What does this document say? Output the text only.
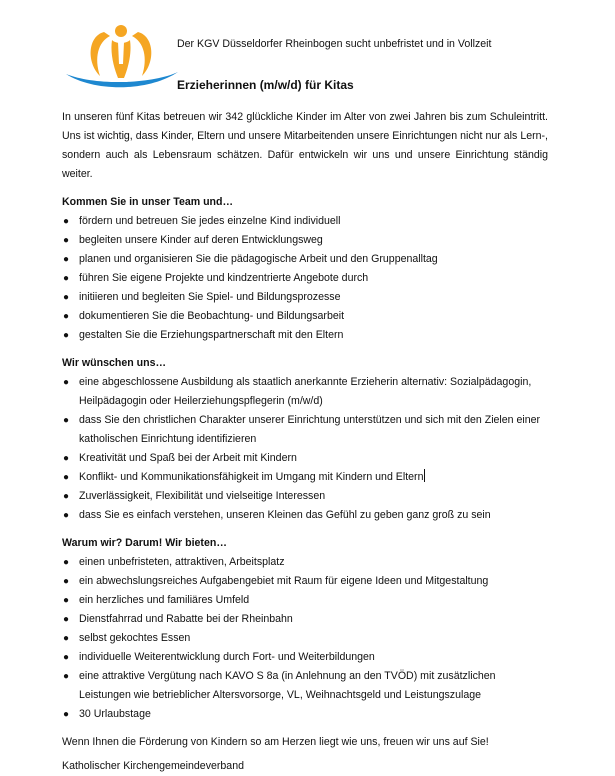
Der KGV Düsseldorfer Rheinbogen sucht unbefristet und in Vollzeit
Erzieherinnen (m/w/d) für Kitas

In unseren fünf Kitas betreuen wir 342 glückliche Kinder im Alter von zwei Jahren bis zum Schuleintritt. Uns ist wichtig, dass Kinder, Eltern und unsere Mitarbeitenden unsere Einrichtungen nicht nur als Lern-, sondern auch als Lebensraum schätzen. Dafür entwickeln wir uns und unsere Einrichtung ständig weiter.

Kommen Sie in unser Team und…
● fördern und betreuen Sie jedes einzelne Kind individuell
● begleiten unsere Kinder auf deren Entwicklungsweg
● planen und organisieren Sie die pädagogische Arbeit und den Gruppenalltag
● führen Sie eigene Projekte und kindzentrierte Angebote durch
● initiieren und begleiten Sie Spiel- und Bildungsprozesse
● dokumentieren Sie die Beobachtung- und Bildungsarbeit
● gestalten Sie die Erziehungspartnerschaft mit den Eltern
Wir wünschen uns…
● eine abgeschlossene Ausbildung als staatlich anerkannte Erzieherin alternativ: Sozialpädagogin, Heilpädagogin oder Heilerziehungspflegerin (m/w/d)
● dass Sie den christlichen Charakter unserer Einrichtung unterstützen und sich mit den Zielen einer katholischen Einrichtung identifizieren
● Kreativität und Spaß bei der Arbeit mit Kindern
● Konflikt- und Kommunikationsfähigkeit im Umgang mit Kindern und Eltern
● Zuverlässigkeit, Flexibilität und vielseitige Interessen
● dass Sie es einfach verstehen, unseren Kleinen das Gefühl zu geben ganz groß zu sein
Warum wir? Darum! Wir bieten…
● einen unbefristeten, attraktiven, Arbeitsplatz
● ein abwechslungsreiches Aufgabengebiet mit Raum für eigene Ideen und Mitgestaltung
● ein herzliches und familiäres Umfeld
● Dienstfahrrad und Rabatte bei der Rheinbahn
● selbst gekochtes Essen
● individuelle Weiterentwicklung durch Fort- und Weiterbildungen
● eine attraktive Vergütung nach KAVO S 8a (in Anlehnung an den TVÖD) mit zusätzlichen Leistungen wie betrieblicher Altersvorsorge, VL, Weihnachtsgeld und Leistungszulage
● 30 Urlaubstage

Wenn Ihnen die Förderung von Kindern so am Herzen liegt wie uns, freuen wir uns auf Sie!

Katholischer Kirchengemeindeverband
